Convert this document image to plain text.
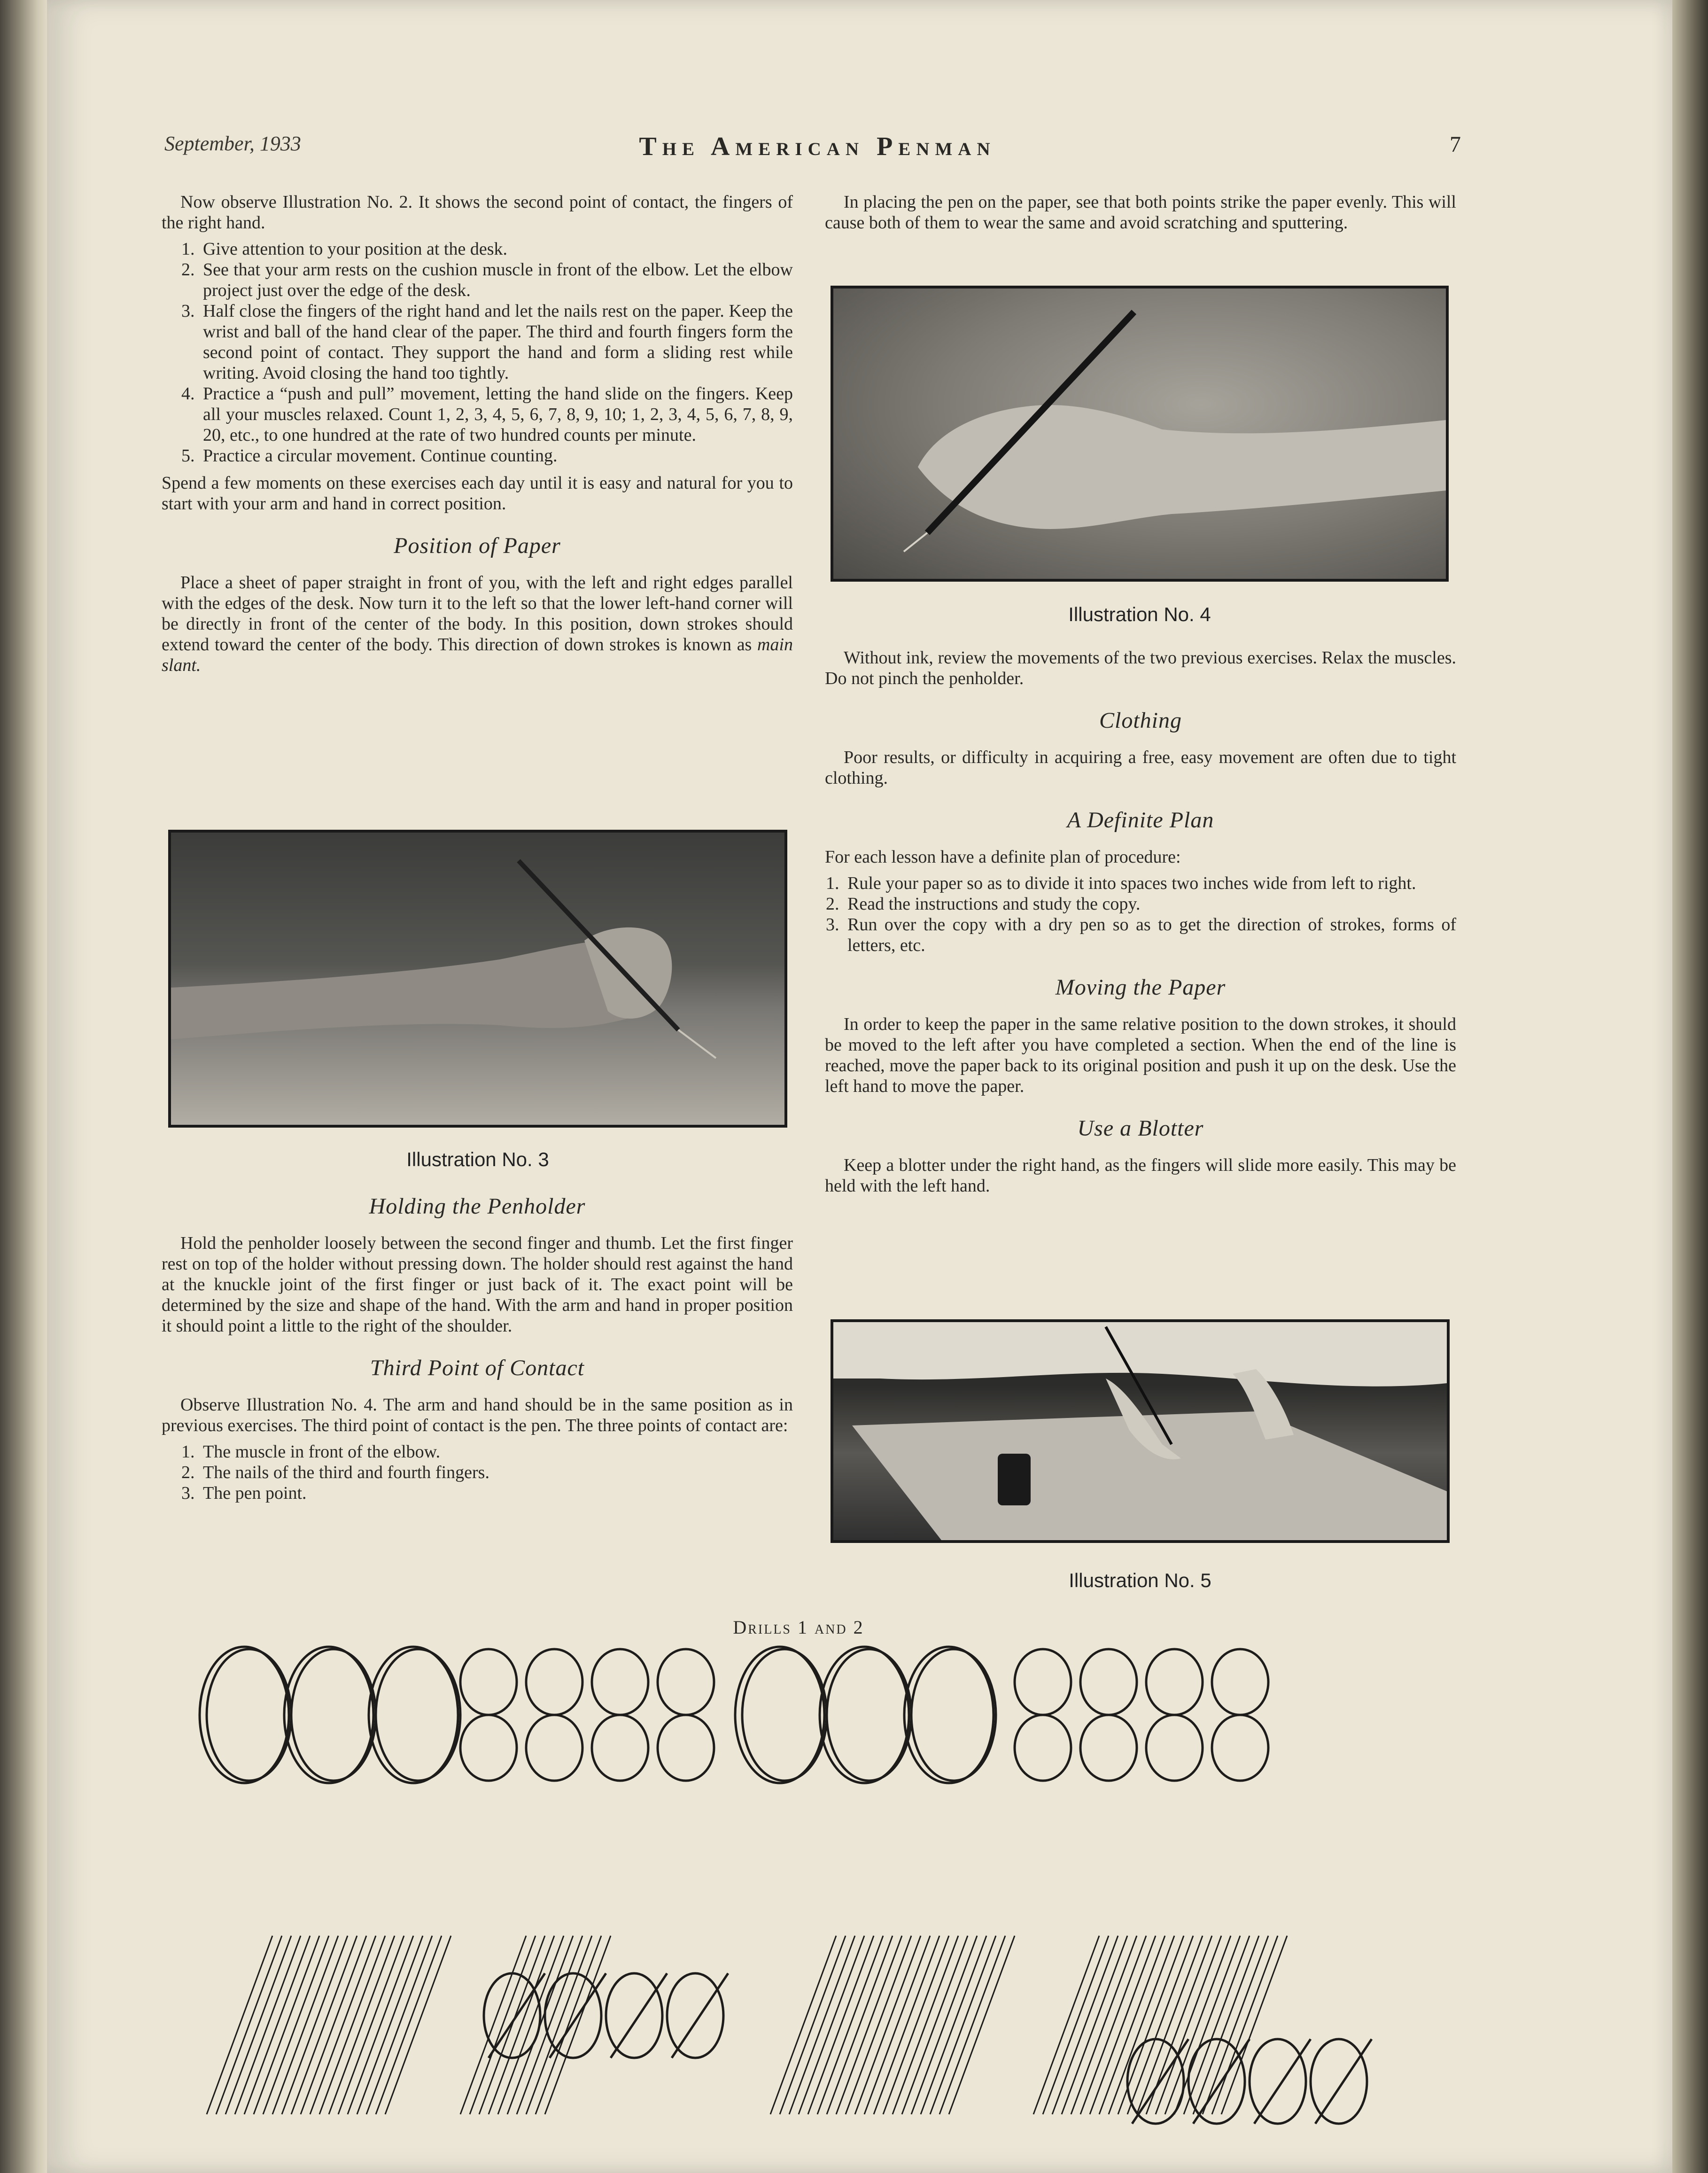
September, 1933	The American Penman	7

Now observe Illustration No. 2. It shows the second point of contact, the fingers of the right hand.

1. Give attention to your position at the desk.
2. See that your arm rests on the cushion muscle in front of the elbow. Let the elbow project just over the edge of the desk.
3. Half close the fingers of the right hand and let the nails rest on the paper. Keep the wrist and ball of the hand clear of the paper. The third and fourth fingers form the second point of contact. They support the hand and form a sliding rest while writing. Avoid closing the hand too tightly.
4. Practice a “push and pull” movement, letting the hand slide on the fingers. Keep all your muscles relaxed. Count 1, 2, 3, 4, 5, 6, 7, 8, 9, 10; 1, 2, 3, 4, 5, 6, 7, 8, 9, 20, etc., to one hundred at the rate of two hundred counts per minute.
5. Practice a circular movement. Continue counting.

Spend a few moments on these exercises each day until it is easy and natural for you to start with your arm and hand in correct position.

Position of Paper

Place a sheet of paper straight in front of you, with the left and right edges parallel with the edges of the desk. Now turn it to the left so that the lower left-hand corner will be directly in front of the center of the body. In this position, down strokes should extend toward the center of the body. This direction of down strokes is known as main slant.

Illustration No. 3
Holding the Penholder

Hold the penholder loosely between the second finger and thumb. Let the first finger rest on top of the holder without pressing down. The holder should rest against the hand at the knuckle joint of the first finger or just back of it. The exact point will be determined by the size and shape of the hand. With the arm and hand in proper position it should point a little to the right of the shoulder.

Third Point of Contact

Observe Illustration No. 4. The arm and hand should be in the same position as in previous exercises. The third point of contact is the pen. The three points of contact are:

1. The muscle in front of the elbow.
2. The nails of the third and fourth fingers.
3. The pen point.

In placing the pen on the paper, see that both points strike the paper evenly. This will cause both of them to wear the same and avoid scratching and sputtering.

Illustration No. 4

Without ink, review the movements of the two previous exercises. Relax the muscles. Do not pinch the penholder.

Clothing

Poor results, or difficulty in acquiring a free, easy movement are often due to tight clothing.

A Definite Plan

For each lesson have a definite plan of procedure:

1. Rule your paper so as to divide it into spaces two inches wide from left to right.
2. Read the instructions and study the copy.
3. Run over the copy with a dry pen so as to get the direction of strokes, forms of letters, etc.
Moving the Paper

In order to keep the paper in the same relative position to the down strokes, it should be moved to the left after you have completed a section. When the end of the line is reached, move the paper back to its original position and push it up on the desk. Use the left hand to move the paper.

Use a Blotter

Keep a blotter under the right hand, as the fingers will slide more easily. This may be held with the left hand.

Illustration No. 5
Drills 1 and 2
